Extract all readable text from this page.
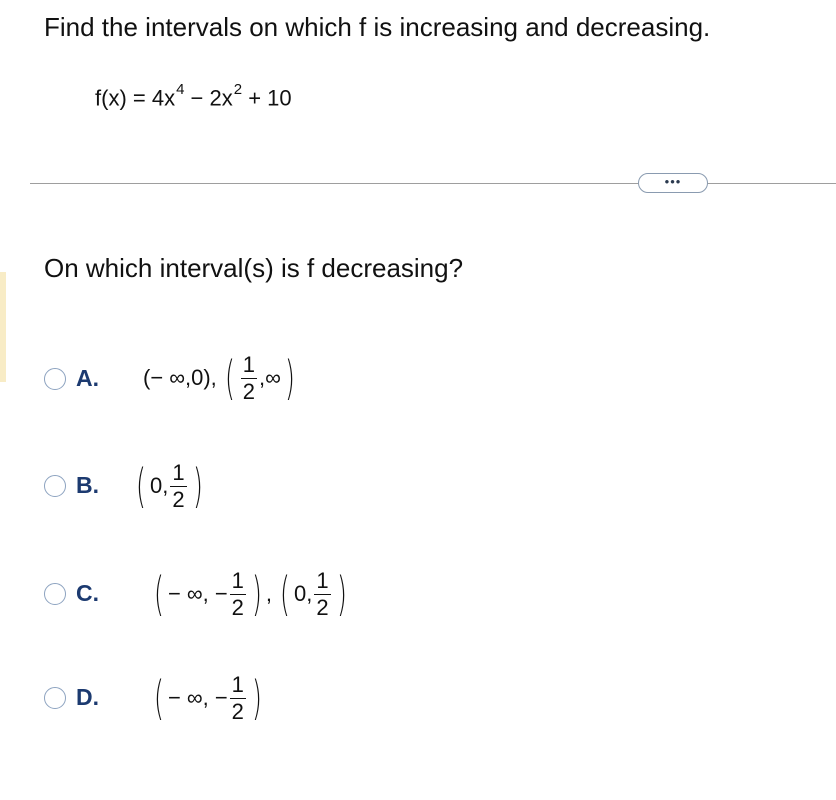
Find the intervals on which f is increasing and decreasing.
$f(x) = 4x^4 - 2x^2 + 10$
•••
On which interval(s) is f decreasing?
A. (− ∞,0), ( $\frac{1}{2}$ ,∞ )
B. ( 0, $\frac{1}{2}$ )
C. ( − ∞, − $\frac{1}{2}$ ) , ( 0, $\frac{1}{2}$ )
D. ( − ∞, − $\frac{1}{2}$ )
